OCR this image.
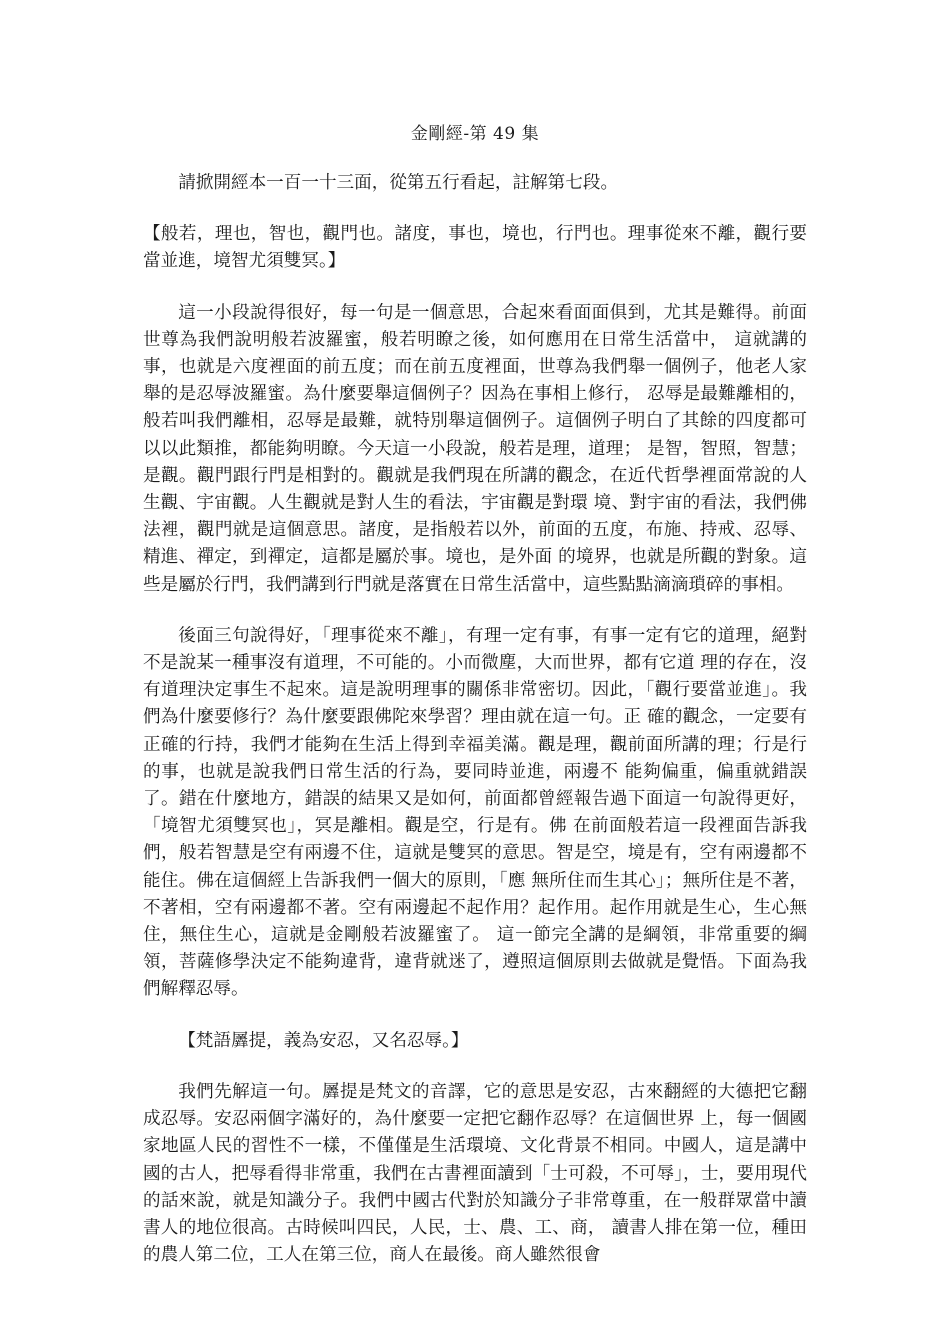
金剛經-第 49 集

請掀開經本一百一十三面，從第五行看起，註解第七段。

【般若，理也，智也，觀門也。諸度，事也，境也，行門也。理事從來不離，觀行要當並進，境智尤須雙冥。】

這一小段說得很好，每一句是一個意思，合起來看面面俱到，尤其是難得。前面世尊為我們說明般若波羅蜜，般若明瞭之後，如何應用在日常生活當中， 這就講的事，也就是六度裡面的前五度；而在前五度裡面，世尊為我們舉一個例子，他老人家舉的是忍辱波羅蜜。為什麼要舉這個例子？因為在事相上修行， 忍辱是最難離相的，般若叫我們離相，忍辱是最難，就特別舉這個例子。這個例子明白了其餘的四度都可以以此類推，都能夠明瞭。今天這一小段說，般若是理，道理； 是智，智照，智慧；是觀。觀門跟行門是相對的。觀就是我們現在所講的觀念，在近代哲學裡面常說的人生觀、宇宙觀。人生觀就是對人生的看法，宇宙觀是對環 境、對宇宙的看法，我們佛法裡，觀門就是這個意思。諸度，是指般若以外，前面的五度，布施、持戒、忍辱、精進、禪定，到禪定，這都是屬於事。境也，是外面 的境界，也就是所觀的對象。這些是屬於行門，我們講到行門就是落實在日常生活當中，這些點點滴滴瑣碎的事相。

後面三句說得好，「理事從來不離」，有理一定有事，有事一定有它的道理，絕對不是說某一種事沒有道理，不可能的。小而微塵，大而世界，都有它道 理的存在，沒有道理決定事生不起來。這是說明理事的關係非常密切。因此，「觀行要當並進」。我們為什麼要修行？為什麼要跟佛陀來學習？理由就在這一句。正 確的觀念，一定要有正確的行持，我們才能夠在生活上得到幸福美滿。觀是理，觀前面所講的理；行是行的事，也就是說我們日常生活的行為，要同時並進，兩邊不 能夠偏重，偏重就錯誤了。錯在什麼地方，錯誤的結果又是如何，前面都曾經報告過下面這一句說得更好，「境智尤須雙冥也」，冥是離相。觀是空，行是有。佛 在前面般若這一段裡面告訴我們，般若智慧是空有兩邊不住，這就是雙冥的意思。智是空，境是有，空有兩邊都不能住。佛在這個經上告訴我們一個大的原則，「應 無所住而生其心」；無所住是不著，不著相，空有兩邊都不著。空有兩邊起不起作用？起作用。起作用就是生心，生心無住，無住生心，這就是金剛般若波羅蜜了。 這一節完全講的是綱領，非常重要的綱領，菩薩修學決定不能夠違背，違背就迷了，遵照這個原則去做就是覺悟。下面為我們解釋忍辱。

【梵語羼提，義為安忍，又名忍辱。】

我們先解這一句。羼提是梵文的音譯，它的意思是安忍，古來翻經的大德把它翻成忍辱。安忍兩個字滿好的，為什麼要一定把它翻作忍辱？在這個世界 上，每一個國家地區人民的習性不一樣，不僅僅是生活環境、文化背景不相同。中國人，這是講中國的古人，把辱看得非常重，我們在古書裡面讀到「士可殺，不可辱」，士，要用現代的話來說，就是知識分子。我們中國古代對於知識分子非常尊重，在一般群眾當中讀書人的地位很高。古時候叫四民，人民，士、農、工、商， 讀書人排在第一位，種田的農人第二位，工人在第三位，商人在最後。商人雖然很會
